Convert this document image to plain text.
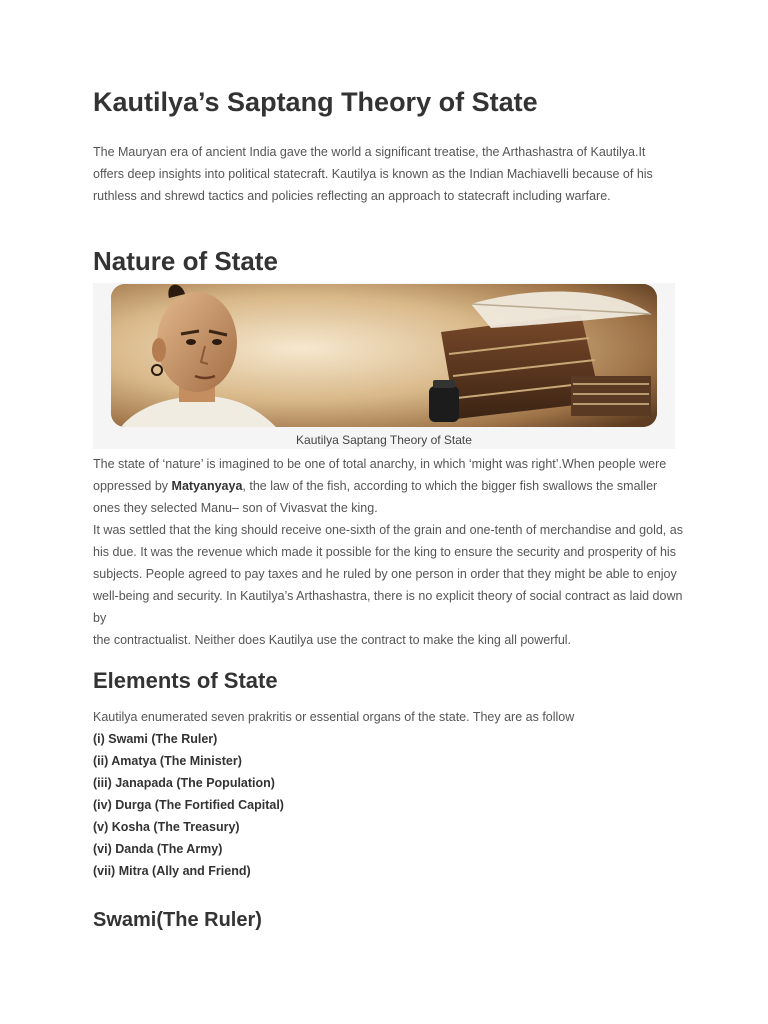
Kautilya’s Saptang Theory of State

The Mauryan era of ancient India gave the world a significant treatise, the Arthashastra of Kautilya.It offers deep insights into political statecraft. Kautilya is known as the Indian Machiavelli because of his ruthless and shrewd tactics and policies reflecting an approach to statecraft including warfare.

Nature of State
Kautilya Saptang Theory of State

The state of ‘nature’ is imagined to be one of total anarchy, in which ‘might was right’.When people were oppressed by Matyanyaya, the law of the fish, according to which the bigger fish swallows the smaller ones they selected Manu– son of Vivasvat the king.

It was settled that the king should receive one-sixth of the grain and one-tenth of merchandise and gold, as his due. It was the revenue which made it possible for the king to ensure the security and prosperity of his subjects. People agreed to pay taxes and he ruled by one person in order that they might be able to enjoy well-being and security. In Kautilya’s Arthashastra, there is no explicit theory of social contract as laid down by

the contractualist. Neither does Kautilya use the contract to make the king all powerful.

Elements of State

Kautilya enumerated seven prakritis or essential organs of the state. They are as follow

(i) Swami (The Ruler)
(ii) Amatya (The Minister)
(iii) Janapada (The Population)
(iv) Durga (The Fortified Capital)
(v) Kosha (The Treasury)
(vi) Danda (The Army)
(vii) Mitra (Ally and Friend)
Swami(The Ruler)
